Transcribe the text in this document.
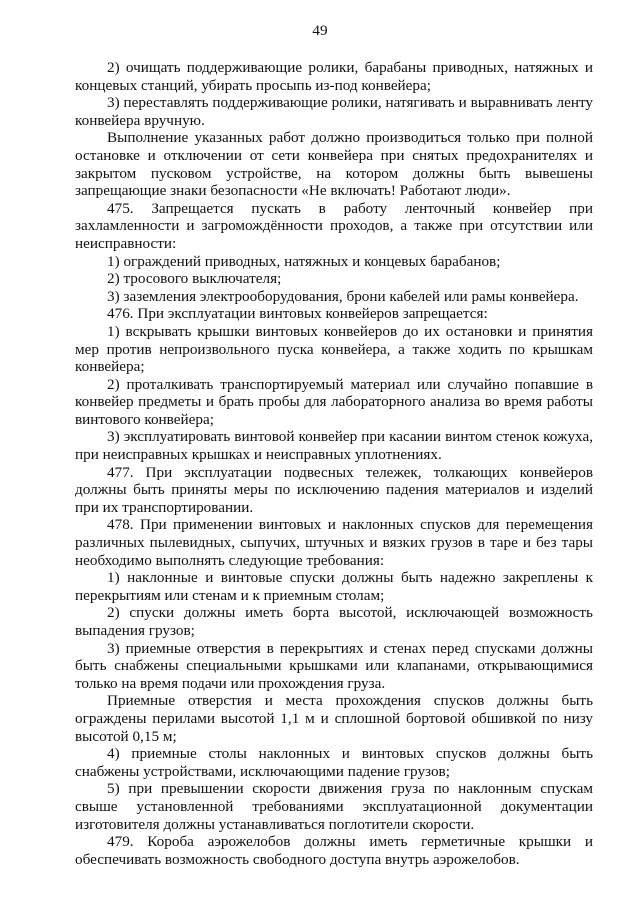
49

2) очищать поддерживающие ролики, барабаны приводных, натяжных и концевых станций, убирать просыпь из-под конвейера;

3) переставлять поддерживающие ролики, натягивать и выравнивать ленту конвейера вручную.

Выполнение указанных работ должно производиться только при полной остановке и отключении от сети конвейера при снятых предохранителях и закрытом пусковом устройстве, на котором должны быть вывешены запрещающие знаки безопасности «Не включать! Работают люди».

475. Запрещается пускать в работу ленточный конвейер при захламленности и загромождённости проходов, а также при отсутствии или неисправности:

1) ограждений приводных, натяжных и концевых барабанов;

2) тросового выключателя;

3) заземления электрооборудования, брони кабелей или рамы конвейера.

476. При эксплуатации винтовых конвейеров запрещается:

1) вскрывать крышки винтовых конвейеров до их остановки и принятия мер против непроизвольного пуска конвейера, а также ходить по крышкам конвейера;

2) проталкивать транспортируемый материал или случайно попавшие в конвейер предметы и брать пробы для лабораторного анализа во время работы винтового конвейера;

3) эксплуатировать винтовой конвейер при касании винтом стенок кожуха, при неисправных крышках и неисправных уплотнениях.

477. При эксплуатации подвесных тележек, толкающих конвейеров должны быть приняты меры по исключению падения материалов и изделий при их транспортировании.

478. При применении винтовых и наклонных спусков для перемещения различных пылевидных, сыпучих, штучных и вязких грузов в таре и без тары необходимо выполнять следующие требования:

1) наклонные и винтовые спуски должны быть надежно закреплены к перекрытиям или стенам и к приемным столам;

2) спуски должны иметь борта высотой, исключающей возможность выпадения грузов;

3) приемные отверстия в перекрытиях и стенах перед спусками должны быть снабжены специальными крышками или клапанами, открывающимися только на время подачи или прохождения груза.

Приемные отверстия и места прохождения спусков должны быть ограждены перилами высотой 1,1 м и сплошной бортовой обшивкой по низу высотой 0,15 м;

4) приемные столы наклонных и винтовых спусков должны быть снабжены устройствами, исключающими падение грузов;

5) при превышении скорости движения груза по наклонным спускам свыше установленной требованиями эксплуатационной документации изготовителя должны устанавливаться поглотители скорости.

479. Короба аэрожелобов должны иметь герметичные крышки и обеспечивать возможность свободного доступа внутрь аэрожелобов.
